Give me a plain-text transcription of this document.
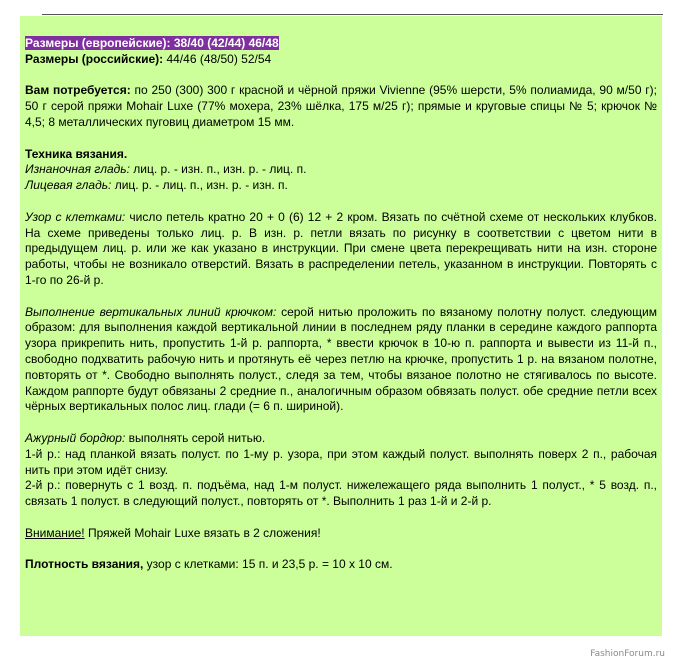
Размеры (европейские): 38/40 (42/44) 46/48

Размеры (российские): 44/46 (48/50) 52/54

Вам потребуется: по 250 (300) 300 г красной и чёрной пряжи Vivienne (95% шерсти, 5% полиамида, 90 м/50 г); 50 г серой пряжи Mohair Luxe (77% мохера, 23% шёлка, 175 м/25 г); прямые и круговые спицы № 5; крючок № 4,5; 8 металлических пуговиц диаметром 15 мм.

Техника вязания.

Изнаночная гладь: лиц. р. - изн. п., изн. р. - лиц. п.

Лицевая гладь: лиц. р. - лиц. п., изн. р. - изн. п.

Узор с клетками: число петель кратно 20 + 0 (6) 12 + 2 кром. Вязать по счётной схеме от нескольких клубков. На схеме приведены только лиц. р. В изн. р. петли вязать по рисунку в соответствии с цветом нити в предыдущем лиц. р. или же как указано в инструкции. При смене цвета перекрещивать нити на изн. стороне работы, чтобы не возникало отверстий. Вязать в распределении петель, указанном в инструкции. Повторять с 1-го по 26-й р.

Выполнение вертикальных линий крючком: серой нитью проложить по вязаному полотну полуст. следующим образом: для выполнения каждой вертикальной линии в последнем ряду планки в середине каждого раппорта узора прикрепить нить, пропустить 1-й р. раппорта, * ввести крючок в 10-ю п. раппорта и вывести из 11-й п., свободно подхватить рабочую нить и протянуть её через петлю на крючке, пропустить 1 р. на вязаном полотне, повторять от *. Свободно выполнять полуст., следя за тем, чтобы вязаное полотно не стягивалось по высоте. Каждом раппорте будут обвязаны 2 средние п., аналогичным образом обвязать полуст. обе средние петли всех чёрных вертикальных полос лиц. глади (= 6 п. шириной).

Ажурный бордюр: выполнять серой нитью.

1-й р.: над планкой вязать полуст. по 1-му р. узора, при этом каждый полуст. выполнять поверх 2 п., рабочая нить при этом идёт снизу.

2-й р.: повернуть с 1 возд. п. подъёма, над 1-м полуст. нижележащего ряда выполнить 1 полуст., * 5 возд. п., связать 1 полуст. в следующий полуст., повторять от *. Выполнить 1 раз 1-й и 2-й р.

Внимание! Пряжей Mohair Luxe вязать в 2 сложения!

Плотность вязания, узор с клетками: 15 п. и 23,5 р. = 10 х 10 см.

FashionForum.ru
